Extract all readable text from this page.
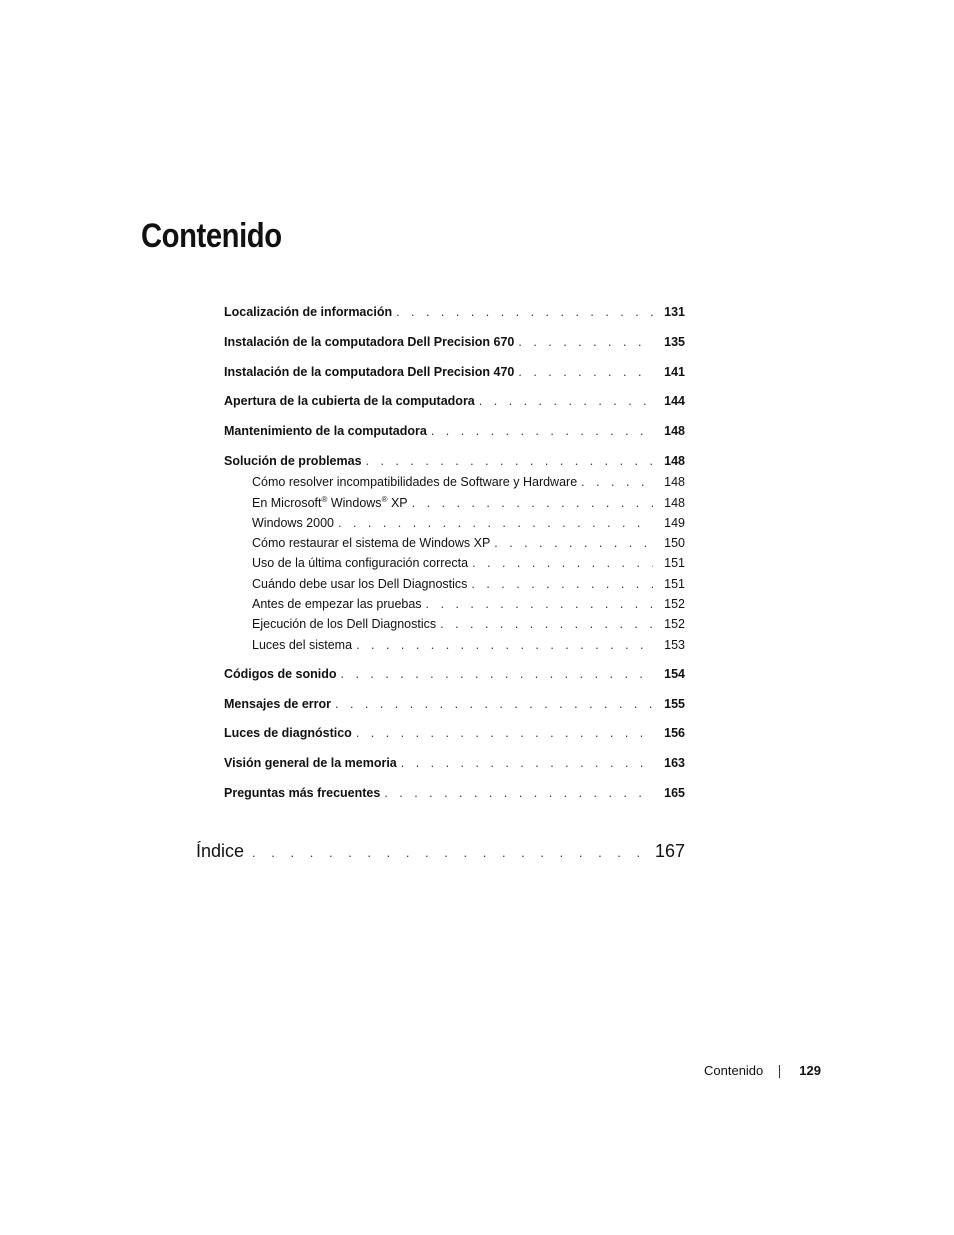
Contenido
Localización de información . . .	131
Instalación de la computadora Dell Precision 670 . . .	135
Instalación de la computadora Dell Precision 470 . . .	141
Apertura de la cubierta de la computadora . . .	144
Mantenimiento de la computadora . . .	148
Solución de problemas . . .	148
Cómo resolver incompatibilidades de Software y Hardware . . .	148
En Microsoft® Windows® XP . . .	148
Windows 2000 . . .	149
Cómo restaurar el sistema de Windows XP . . .	150
Uso de la última configuración correcta . . .	151
Cuándo debe usar los Dell Diagnostics . . .	151
Antes de empezar las pruebas . . .	152
Ejecución de los Dell Diagnostics . . .	152
Luces del sistema . . .	153
Códigos de sonido . . .	154
Mensajes de error . . .	155
Luces de diagnóstico . . .	156
Visión general de la memoria . . .	163
Preguntas más frecuentes . . .	165
Índice . . .	167
Contenido	129
